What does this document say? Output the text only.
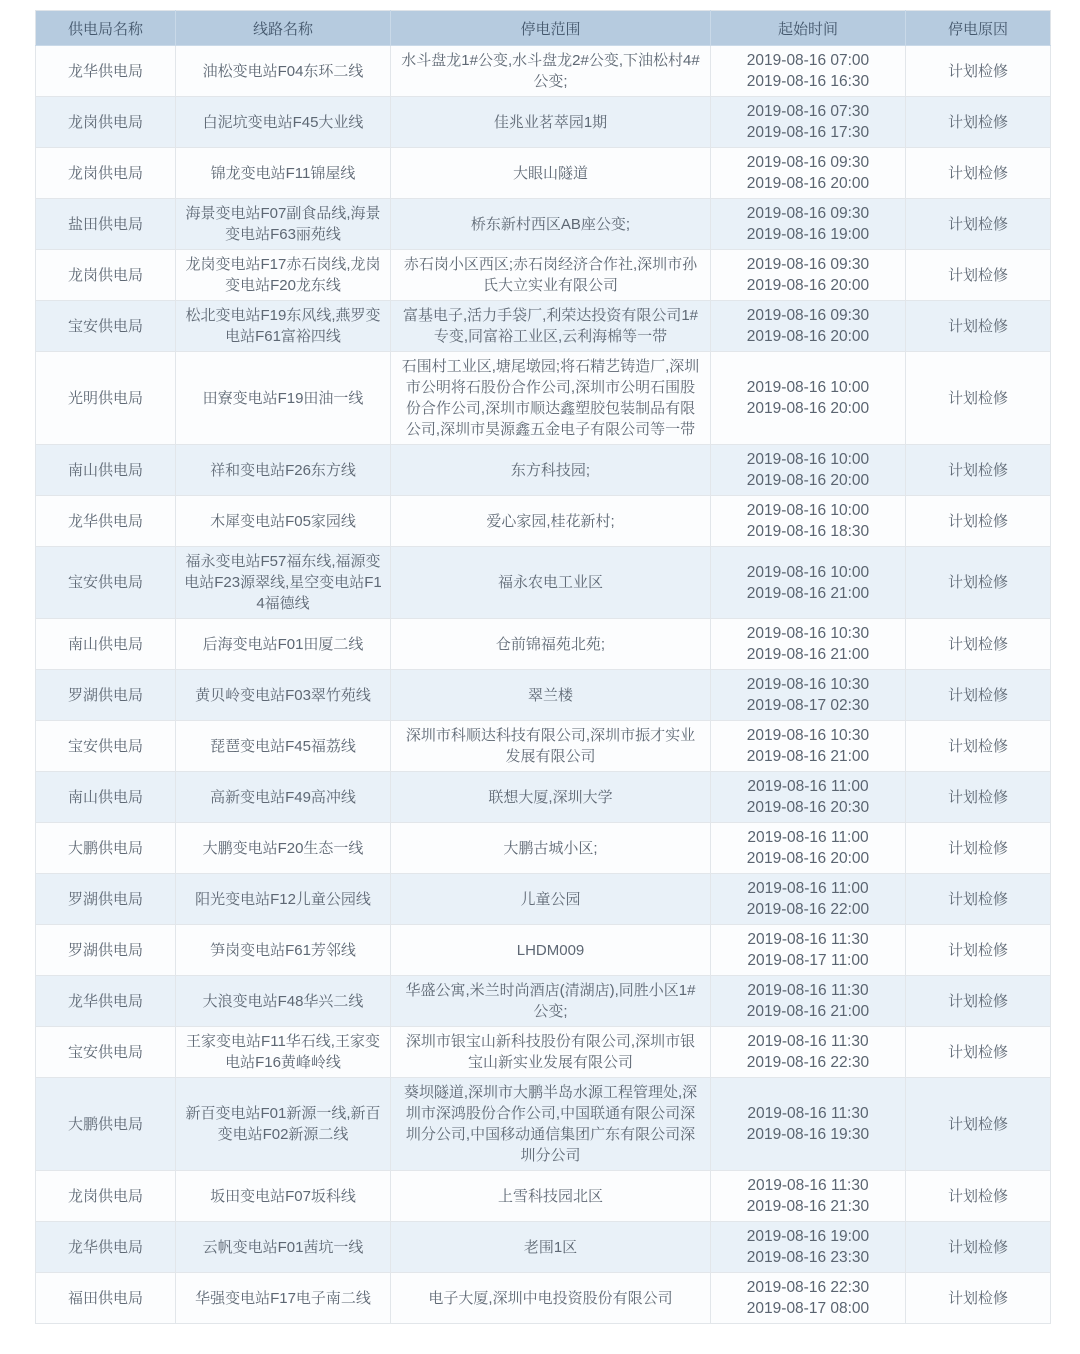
供电局名称	线路名称	停电范围	起始时间	停电原因
龙华供电局	油松变电站F04东环二线	水斗盘龙1#公变,水斗盘龙2#公变,下油松村4#公变;	2019-08-16 07:00
2019-08-16 16:30	计划检修
龙岗供电局	白泥坑变电站F45大业线	佳兆业茗萃园1期	2019-08-16 07:30
2019-08-16 17:30	计划检修
龙岗供电局	锦龙变电站F11锦屋线	大眼山隧道	2019-08-16 09:30
2019-08-16 20:00	计划检修
盐田供电局	海景变电站F07副食品线,海景变电站F63丽苑线	桥东新村西区AB座公变;	2019-08-16 09:30
2019-08-16 19:00	计划检修
龙岗供电局	龙岗变电站F17赤石岗线,龙岗变电站F20龙东线	赤石岗小区西区;赤石岗经济合作社,深圳市孙氏大立实业有限公司	2019-08-16 09:30
2019-08-16 20:00	计划检修
宝安供电局	松北变电站F19东风线,燕罗变电站F61富裕四线	富基电子,活力手袋厂,利荣达投资有限公司1#专变,同富裕工业区,云利海棉等一带	2019-08-16 09:30
2019-08-16 20:00	计划检修
光明供电局	田寮变电站F19田油一线	石围村工业区,塘尾墩园;将石精艺铸造厂,深圳市公明将石股份合作公司,深圳市公明石围股份合作公司,深圳市顺达鑫塑胶包装制品有限公司,深圳市昊源鑫五金电子有限公司等一带	2019-08-16 10:00
2019-08-16 20:00	计划检修
南山供电局	祥和变电站F26东方线	东方科技园;	2019-08-16 10:00
2019-08-16 20:00	计划检修
龙华供电局	木犀变电站F05家园线	爱心家园,桂花新村;	2019-08-16 10:00
2019-08-16 18:30	计划检修
宝安供电局	福永变电站F57福东线,福源变电站F23源翠线,星空变电站F14福德线	福永农电工业区	2019-08-16 10:00
2019-08-16 21:00	计划检修
南山供电局	后海变电站F01田厦二线	仓前锦福苑北苑;	2019-08-16 10:30
2019-08-16 21:00	计划检修
罗湖供电局	黄贝岭变电站F03翠竹苑线	翠兰楼	2019-08-16 10:30
2019-08-17 02:30	计划检修
宝安供电局	琵琶变电站F45福荔线	深圳市科顺达科技有限公司,深圳市振才实业发展有限公司	2019-08-16 10:30
2019-08-16 21:00	计划检修
南山供电局	高新变电站F49高冲线	联想大厦,深圳大学	2019-08-16 11:00
2019-08-16 20:30	计划检修
大鹏供电局	大鹏变电站F20生态一线	大鹏古城小区;	2019-08-16 11:00
2019-08-16 20:00	计划检修
罗湖供电局	阳光变电站F12儿童公园线	儿童公园	2019-08-16 11:00
2019-08-16 22:00	计划检修
罗湖供电局	笋岗变电站F61芳邻线	LHDM009	2019-08-16 11:30
2019-08-17 11:00	计划检修
龙华供电局	大浪变电站F48华兴二线	华盛公寓,米兰时尚酒店(清湖店),同胜小区1#公变;	2019-08-16 11:30
2019-08-16 21:00	计划检修
宝安供电局	王家变电站F11华石线,王家变电站F16黄峰岭线	深圳市银宝山新科技股份有限公司,深圳市银宝山新实业发展有限公司	2019-08-16 11:30
2019-08-16 22:30	计划检修
大鹏供电局	新百变电站F01新源一线,新百变电站F02新源二线	葵坝隧道,深圳市大鹏半岛水源工程管理处,深圳市深鸿股份合作公司,中国联通有限公司深圳分公司,中国移动通信集团广东有限公司深圳分公司	2019-08-16 11:30
2019-08-16 19:30	计划检修
龙岗供电局	坂田变电站F07坂科线	上雪科技园北区	2019-08-16 11:30
2019-08-16 21:30	计划检修
龙华供电局	云帆变电站F01茜坑一线	老围1区	2019-08-16 19:00
2019-08-16 23:30	计划检修
福田供电局	华强变电站F17电子南二线	电子大厦,深圳中电投资股份有限公司	2019-08-16 22:30
2019-08-17 08:00	计划检修
